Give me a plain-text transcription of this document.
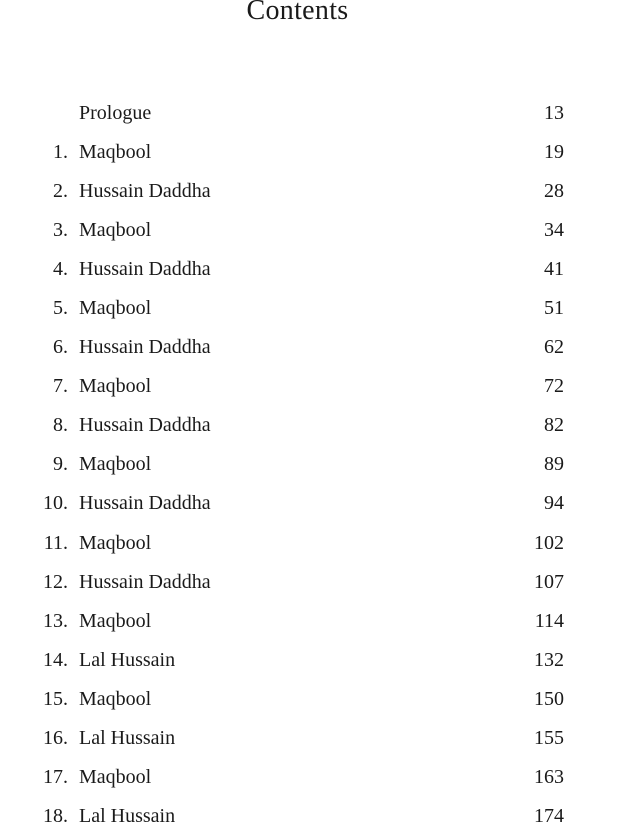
Contents
Prologue	13
1. Maqbool	19
2. Hussain Daddha	28
3. Maqbool	34
4. Hussain Daddha	41
5. Maqbool	51
6. Hussain Daddha	62
7. Maqbool	72
8. Hussain Daddha	82
9. Maqbool	89
10. Hussain Daddha	94
11. Maqbool	102
12. Hussain Daddha	107
13. Maqbool	114
14. Lal Hussain	132
15. Maqbool	150
16. Lal Hussain	155
17. Maqbool	163
18. Lal Hussain	174
